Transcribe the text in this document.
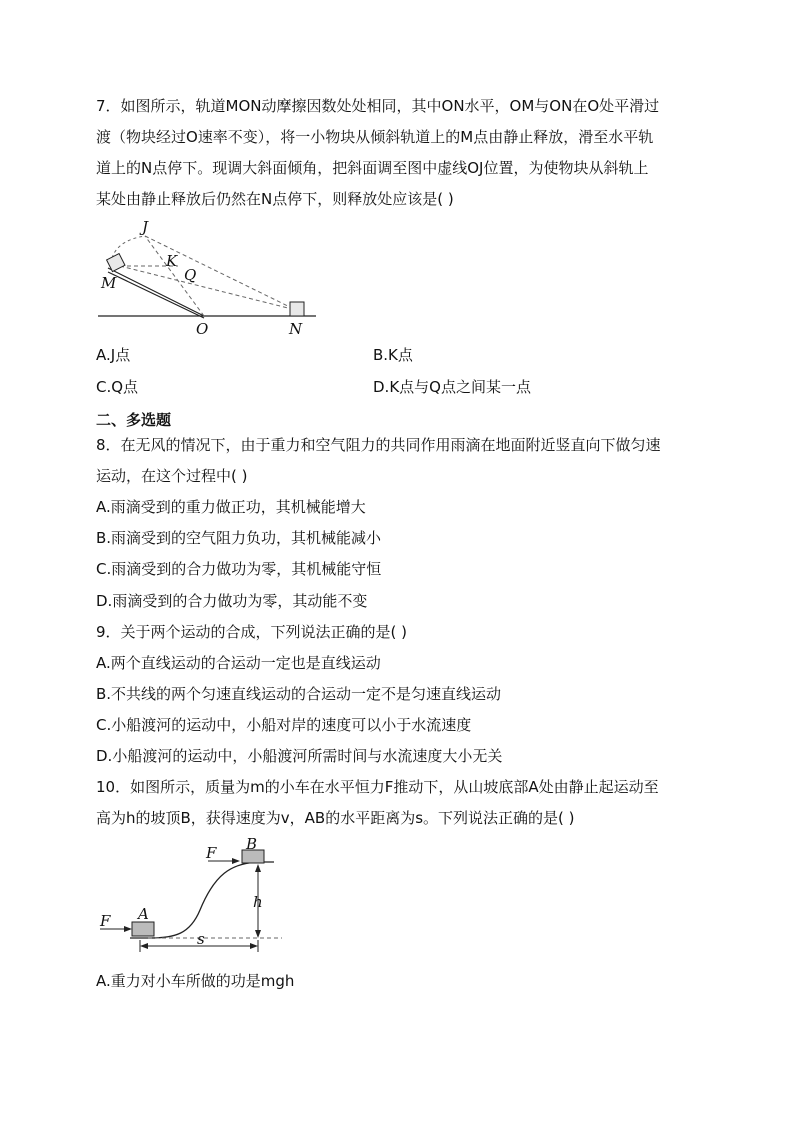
7．如图所示，轨道MON动摩擦因数处处相同，其中ON水平，OM与ON在O处平滑过
渡（物块经过O速率不变），将一小物块从倾斜轨道上的M点由静止释放，滑至水平轨
道上的N点停下。现调大斜面倾角，把斜面调至图中虚线OJ位置，为使物块从斜轨上
某处由静止释放后仍然在N点停下，则释放处应该是( )
J
K
Q
M
O	N
A.J点	B.K点
C.Q点	D.K点与Q点之间某一点
二、多选题
8．在无风的情况下，由于重力和空气阻力的共同作用雨滴在地面附近竖直向下做匀速
运动，在这个过程中( )
A.雨滴受到的重力做正功，其机械能增大
B.雨滴受到的空气阻力负功，其机械能减小
C.雨滴受到的合力做功为零，其机械能守恒
D.雨滴受到的合力做功为零，其动能不变
9．关于两个运动的合成，下列说法正确的是( )
A.两个直线运动的合运动一定也是直线运动
B.不共线的两个匀速直线运动的合运动一定不是匀速直线运动
C.小船渡河的运动中，小船对岸的速度可以小于水流速度
D.小船渡河的运动中，小船渡河所需时间与水流速度大小无关
10．如图所示，质量为m的小车在水平恒力F推动下，从山坡底部A处由静止起运动至
高为h的坡顶B，获得速度为v，AB的水平距离为s。下列说法正确的是( )
F B
h
F A
s
A.重力对小车所做的功是mgh
